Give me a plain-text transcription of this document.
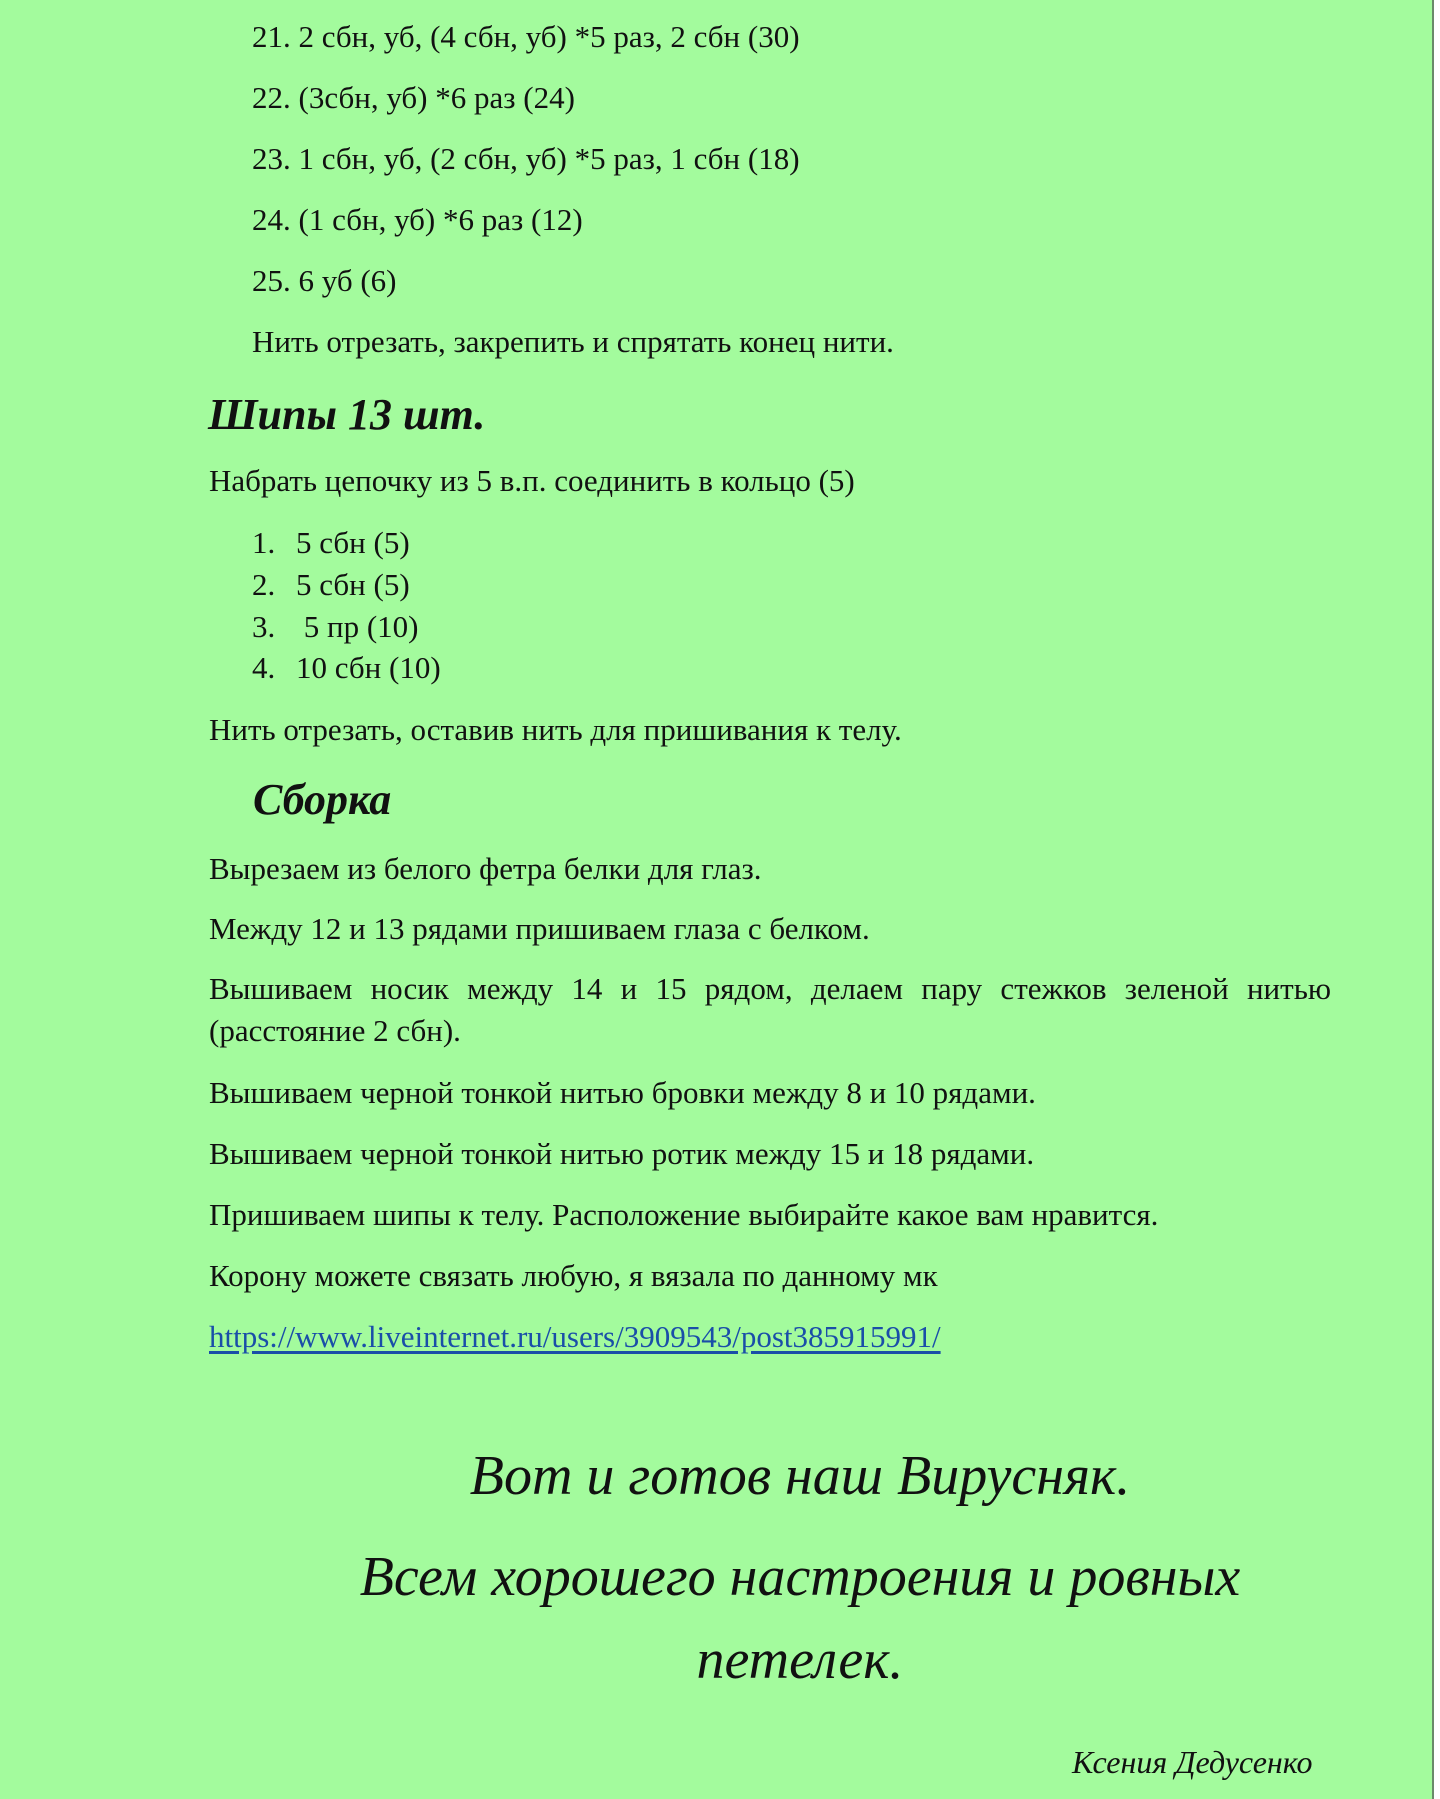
21. 2 сбн, уб, (4 сбн, уб) *5 раз, 2 сбн (30)
22. (3сбн, уб) *6 раз (24)
23. 1 сбн, уб, (2 сбн, уб) *5 раз, 1 сбн (18)
24. (1 сбн, уб) *6 раз (12)
25. 6 уб (6)
Нить отрезать, закрепить и спрятать конец нити.
Шипы 13 шт.
Набрать цепочку из 5 в.п. соединить в кольцо (5)
1. 5 сбн (5)
2. 5 сбн (5)
3. 5 пр (10)
4. 10 сбн (10)
Нить отрезать, оставив нить для пришивания к телу.
Сборка
Вырезаем из белого фетра белки для глаз.
Между 12 и 13 рядами пришиваем глаза с белком.
Вышиваем носик между 14 и 15 рядом, делаем пару стежков зеленой нитью (расстояние 2 сбн).
Вышиваем черной тонкой нитью бровки между 8 и 10 рядами.
Вышиваем черной тонкой нитью ротик между 15 и 18 рядами.
Пришиваем шипы к телу. Расположение выбирайте какое вам нравится.
Корону можете связать любую, я вязала по данному мк
https://www.liveinternet.ru/users/3909543/post385915991/
Вот и готов наш Вирусняк.
Всем хорошего настроения и ровных
петелек.
Ксения Дедусенко
